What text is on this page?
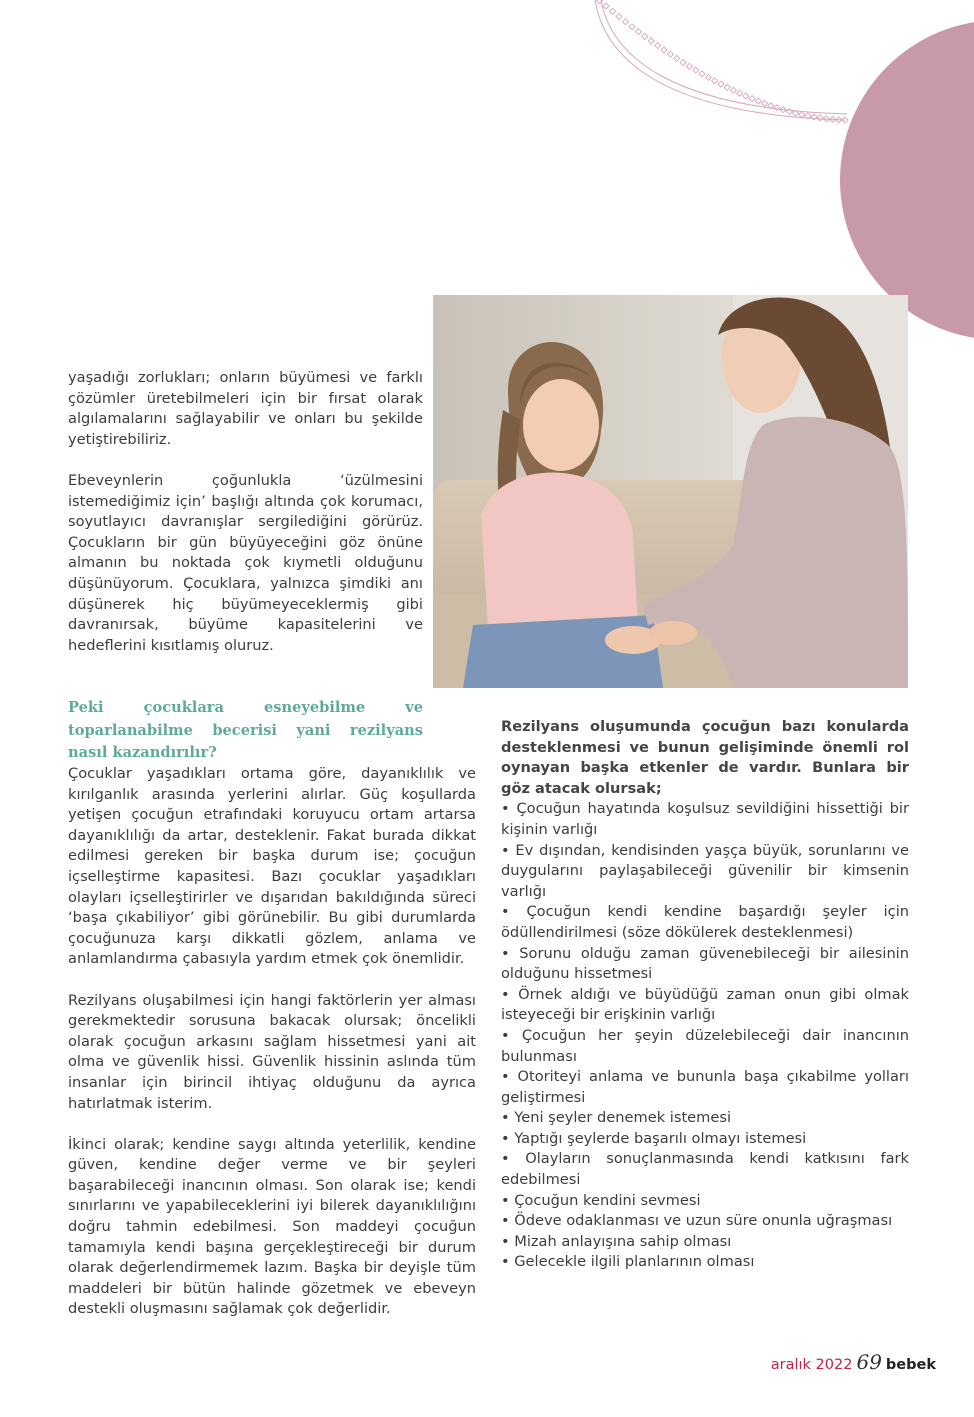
yaşadığı zorlukları; onların büyümesi ve farklı çözümler üretebilmeleri için bir fırsat olarak algılamalarını sağlayabilir ve onları bu şekilde yetiştirebiliriz.

Ebeveynlerin çoğunlukla ‘üzülmesini istemediğimiz için’ başlığı altında çok korumacı, soyutlayıcı davranışlar sergilediğini görürüz. Çocukların bir gün büyüyeceğini göz önüne almanın bu noktada çok kıymetli olduğunu düşünüyorum. Çocuklara, yalnızca şimdiki anı düşünerek hiç büyümeyeceklermiş gibi davranırsak, büyüme kapasitelerini ve hedeflerini kısıtlamış oluruz.

Peki çocuklara esneyebilme ve toparlanabilme becerisi yani rezilyans nasıl kazandırılır?

Çocuklar yaşadıkları ortama göre, dayanıklılık ve kırılganlık arasında yerlerini alırlar. Güç koşullarda yetişen çocuğun etrafındaki koruyucu ortam artarsa dayanıklılığı da artar, desteklenir. Fakat burada dikkat edilmesi gereken bir başka durum ise; çocuğun içselleştirme kapasitesi. Bazı çocuklar yaşadıkları olayları içselleştirirler ve dışarıdan bakıldığında süreci ‘başa çıkabiliyor’ gibi görünebilir. Bu gibi durumlarda çocuğunuza karşı dikkatli gözlem, anlama ve anlamlandırma çabasıyla yardım etmek çok önemlidir.

Rezilyans oluşabilmesi için hangi faktörlerin yer alması gerekmektedir sorusuna bakacak olursak; öncelikli olarak çocuğun arkasını sağlam hissetmesi yani ait olma ve güvenlik hissi. Güvenlik hissinin aslında tüm insanlar için birincil ihtiyaç olduğunu da ayrıca hatırlatmak isterim.

İkinci olarak; kendine saygı altında yeterlilik, kendine güven, kendine değer verme ve bir şeyleri başarabileceği inancının olması. Son olarak ise; kendi sınırlarını ve yapabileceklerini iyi bilerek dayanıklılığını doğru tahmin edebilmesi. Son maddeyi çocuğun tamamıyla kendi başına gerçekleştireceği bir durum olarak değerlendirmemek lazım. Başka bir deyişle tüm maddeleri bir bütün halinde gözetmek ve ebeveyn destekli oluşmasını sağlamak çok değerlidir.

Rezilyans oluşumunda çocuğun bazı konularda desteklenmesi ve bunun gelişiminde önemli rol oynayan başka etkenler de vardır. Bunlara bir göz atacak olursak;

• Çocuğun hayatında koşulsuz sevildiğini hissettiği bir kişinin varlığı

• Ev dışından, kendisinden yaşça büyük, sorunlarını ve duygularını paylaşabileceği güvenilir bir kimsenin varlığı

• Çocuğun kendi kendine başardığı şeyler için ödüllendirilmesi (söze dökülerek desteklenmesi)

• Sorunu olduğu zaman güvenebileceği bir ailesinin olduğunu hissetmesi

• Örnek aldığı ve büyüdüğü zaman onun gibi olmak isteyeceği bir erişkinin varlığı

• Çocuğun her şeyin düzelebileceği dair inancının bulunması

• Otoriteyi anlama ve bununla başa çıkabilme yolları geliştirmesi

• Yeni şeyler denemek istemesi

• Yaptığı şeylerde başarılı olmayı istemesi

• Olayların sonuçlanmasında kendi katkısını fark edebilmesi

• Çocuğun kendini sevmesi

• Ödeve odaklanması ve uzun süre onunla uğraşması

• Mizah anlayışına sahip olması

• Gelecekle ilgili planlarının olması

aralık 2022 69 bebek
